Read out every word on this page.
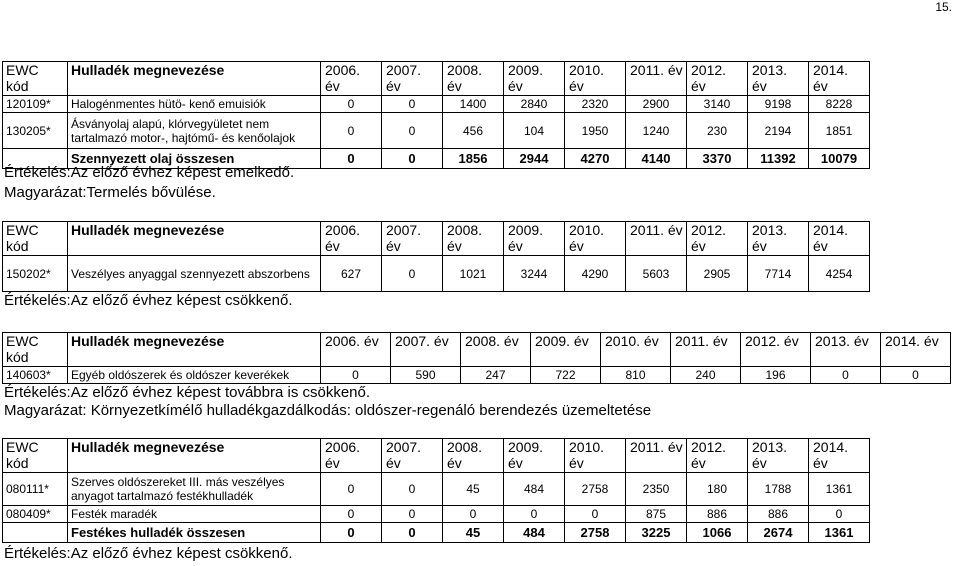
15.
EWC kód	Hulladék megnevezése	2006. év	2007. év	2008. év	2009. év	2010. év	2011. év	2012. év	2013. év	2014. év
120109*	Halogénmentes hütö- kenő emuisiók	0	0	1400	2840	2320	2900	3140	9198	8228
130205*	Ásványolaj alapú, klórvegyületet nem tartalmazó motor-, hajtómű- és kenőolajok	0	0	456	104	1950	1240	230	2194	1851
	Szennyezett olaj összesen	0	0	1856	2944	4270	4140	3370	11392	10079
Értékelés:Az előző évhez képest emelkedő.
Magyarázat:Termelés bővülése.
EWC kód	Hulladék megnevezése	2006. év	2007. év	2008. év	2009. év	2010. év	2011. év	2012. év	2013. év	2014. év
150202*	Veszélyes anyaggal szennyezett abszorbens	627	0	1021	3244	4290	5603	2905	7714	4254
Értékelés:Az előző évhez képest csökkenő.
EWC kód	Hulladék megnevezése	2006. év	2007. év	2008. év	2009. év	2010. év	2011. év	2012. év	2013. év	2014. év
140603*	Egyéb oldószerek és oldószer keverékek	0	590	247	722	810	240	196	0	0
Értékelés:Az előző évhez képest továbbra is csökkenő.
Magyarázat: Környezetkímélő hulladékgazdálkodás: oldószer-regenáló berendezés üzemeltetése
EWC kód	Hulladék megnevezése	2006. év	2007. év	2008. év	2009. év	2010. év	2011. év	2012. év	2013. év	2014. év
080111*	Szerves oldószereket III. más veszélyes anyagot tartalmazó festékhulladék	0	0	45	484	2758	2350	180	1788	1361
080409*	Festék maradék	0	0	0	0	0	875	886	886	0
	Festékes hulladék összesen	0	0	45	484	2758	3225	1066	2674	1361
Értékelés:Az előző évhez képest csökkenő.
